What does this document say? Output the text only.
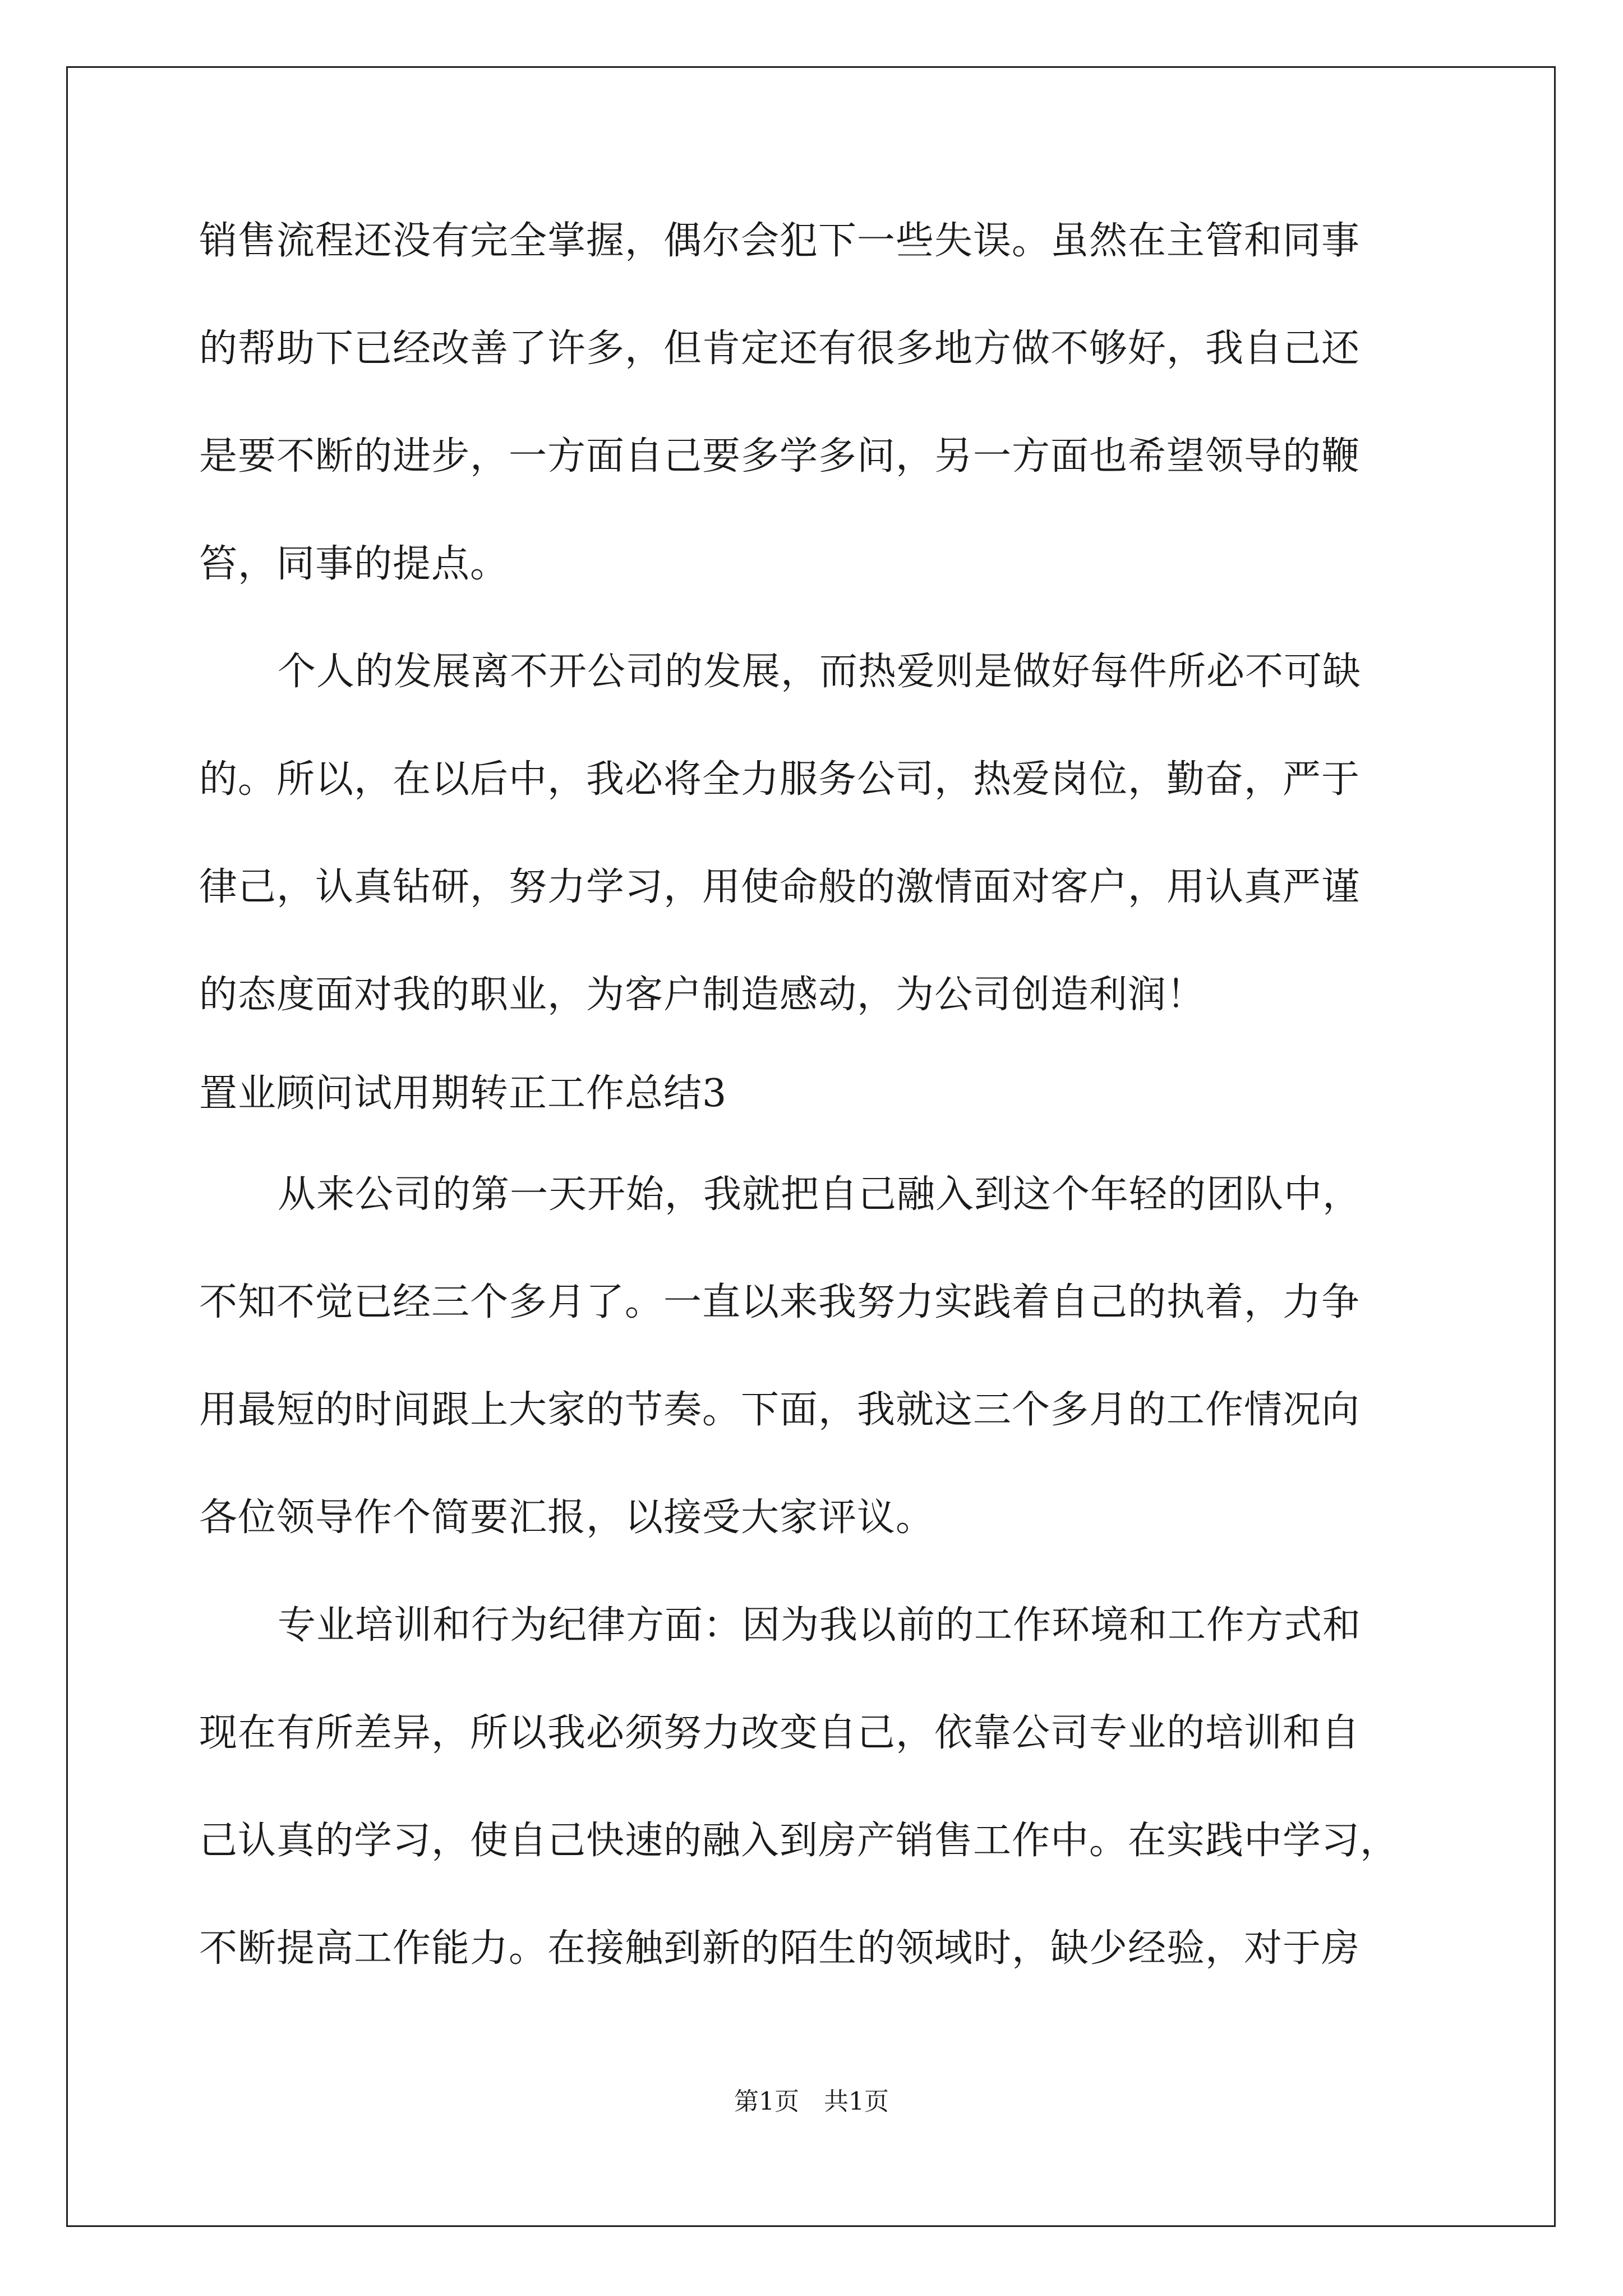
销售流程还没有完全掌握，偶尔会犯下一些失误。虽然在主管和同事
的帮助下已经改善了许多，但肯定还有很多地方做不够好，我自己还
是要不断的进步，一方面自己要多学多问，另一方面也希望领导的鞭
笞，同事的提点。
个人的发展离不开公司的发展，而热爱则是做好每件所必不可缺
的。所以，在以后中，我必将全力服务公司，热爱岗位，勤奋，严于
律己，认真钻研，努力学习，用使命般的激情面对客户，用认真严谨
的态度面对我的职业，为客户制造感动，为公司创造利润！
置业顾问试用期转正工作总结3
从来公司的第一天开始，我就把自己融入到这个年轻的团队中，
不知不觉已经三个多月了。一直以来我努力实践着自己的执着，力争
用最短的时间跟上大家的节奏。下面，我就这三个多月的工作情况向
各位领导作个简要汇报，以接受大家评议。
专业培训和行为纪律方面：因为我以前的工作环境和工作方式和
现在有所差异，所以我必须努力改变自己，依靠公司专业的培训和自
己认真的学习，使自己快速的融入到房产销售工作中。在实践中学习，
不断提高工作能力。在接触到新的陌生的领域时，缺少经验，对于房
第1页　共1页
